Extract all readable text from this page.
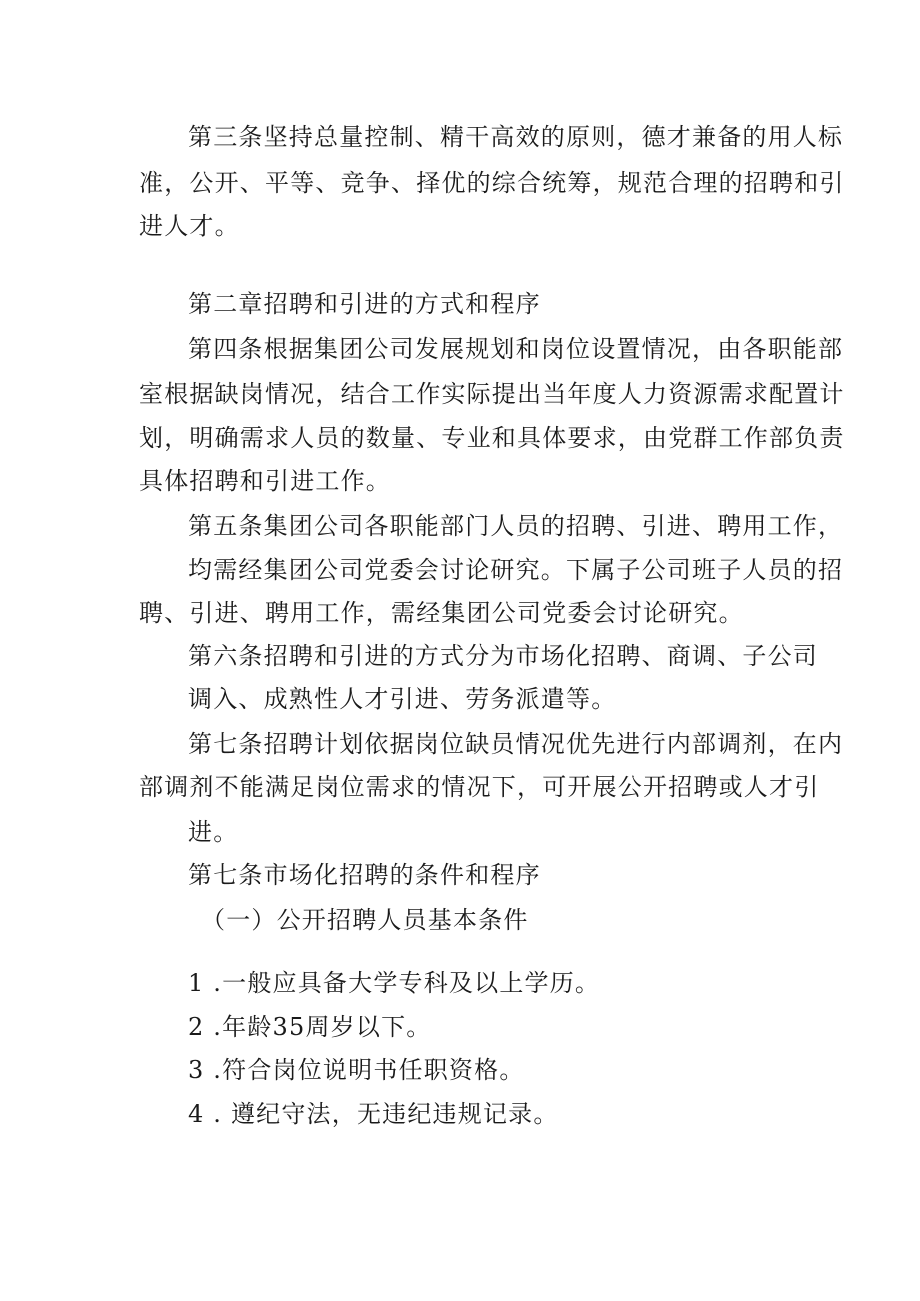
第三条坚持总量控制、精干高效的原则，德才兼备的用人标
准，公开、平等、竞争、择优的综合统筹，规范合理的招聘和引
进人才。
第二章招聘和引进的方式和程序
第四条根据集团公司发展规划和岗位设置情况，由各职能部
室根据缺岗情况，结合工作实际提出当年度人力资源需求配置计
划，明确需求人员的数量、专业和具体要求，由党群工作部负责
具体招聘和引进工作。
第五条集团公司各职能部门人员的招聘、引进、聘用工作，
均需经集团公司党委会讨论研究。下属子公司班子人员的招
聘、引进、聘用工作，需经集团公司党委会讨论研究。
第六条招聘和引进的方式分为市场化招聘、商调、子公司
调入、成熟性人才引进、劳务派遣等。
第七条招聘计划依据岗位缺员情况优先进行内部调剂，在内
部调剂不能满足岗位需求的情况下，可开展公开招聘或人才引
进。
第七条市场化招聘的条件和程序
（一）公开招聘人员基本条件
1 .一般应具备大学专科及以上学历。
2 .年龄35周岁以下。
3 .符合岗位说明书任职资格。
4 . 遵纪守法，无违纪违规记录。
